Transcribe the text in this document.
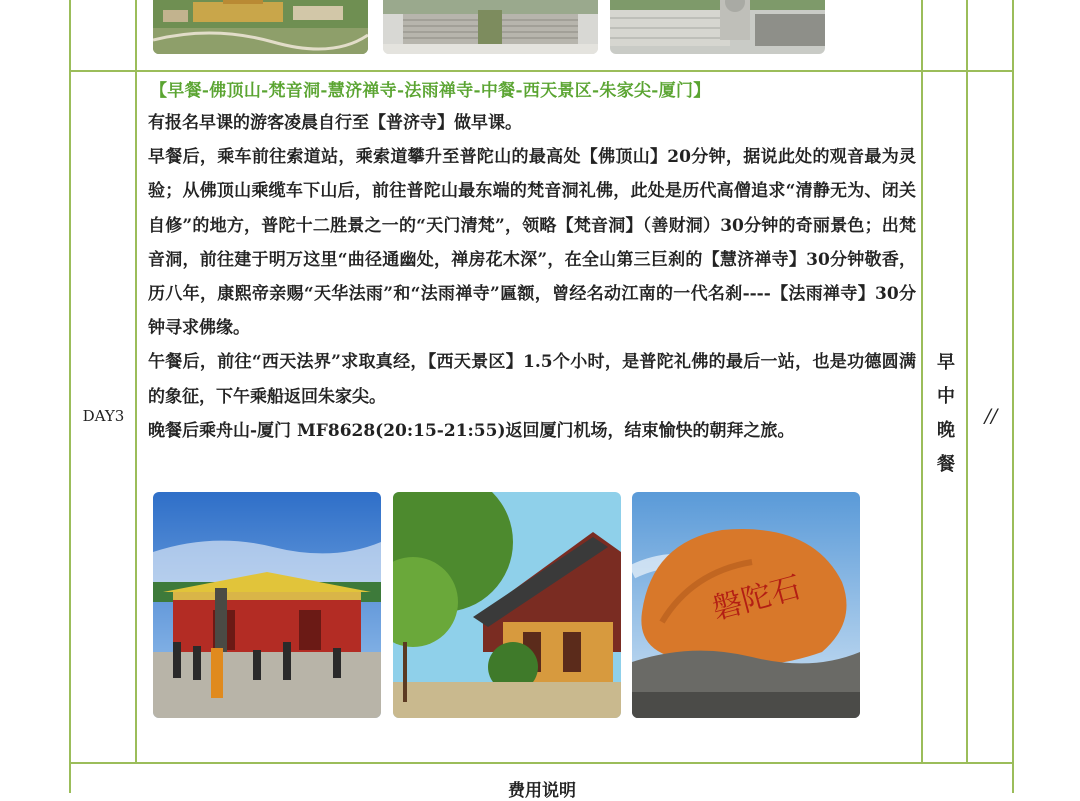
DAY3
【早餐-佛顶山-梵音洞-慧济禅寺-法雨禅寺-中餐-西天景区-朱家尖-厦门】

有报名早课的游客凌晨自行至【普济寺】做早课。

早餐后，乘车前往索道站，乘索道攀升至普陀山的最高处【佛顶山】20分钟，据说此处的观音最为灵验；从佛顶山乘缆车下山后，前往普陀山最东端的梵音洞礼佛，此处是历代高僧追求“清静无为、闭关自修”的地方，普陀十二胜景之一的“天门清梵”，领略【梵音洞】（善财洞）30分钟的奇丽景色；出梵音洞，前往建于明万这里“曲径通幽处，禅房花木深”，在全山第三巨刹的【慧济禅寺】30分钟敬香，历八年，康熙帝亲赐“天华法雨”和“法雨禅寺”匾额，曾经名动江南的一代名刹----【法雨禅寺】30分钟寻求佛缘。

午餐后，前往“西天法界”求取真经，【西天景区】1.5个小时，是普陀礼佛的最后一站，也是功德圆满的象征，下午乘船返回朱家尖。

晚餐后乘舟山-厦门 MF8628(20:15-21:55)返回厦门机场，结束愉快的朝拜之旅。

早
中
晚
餐
//
磐陀石
费用说明
